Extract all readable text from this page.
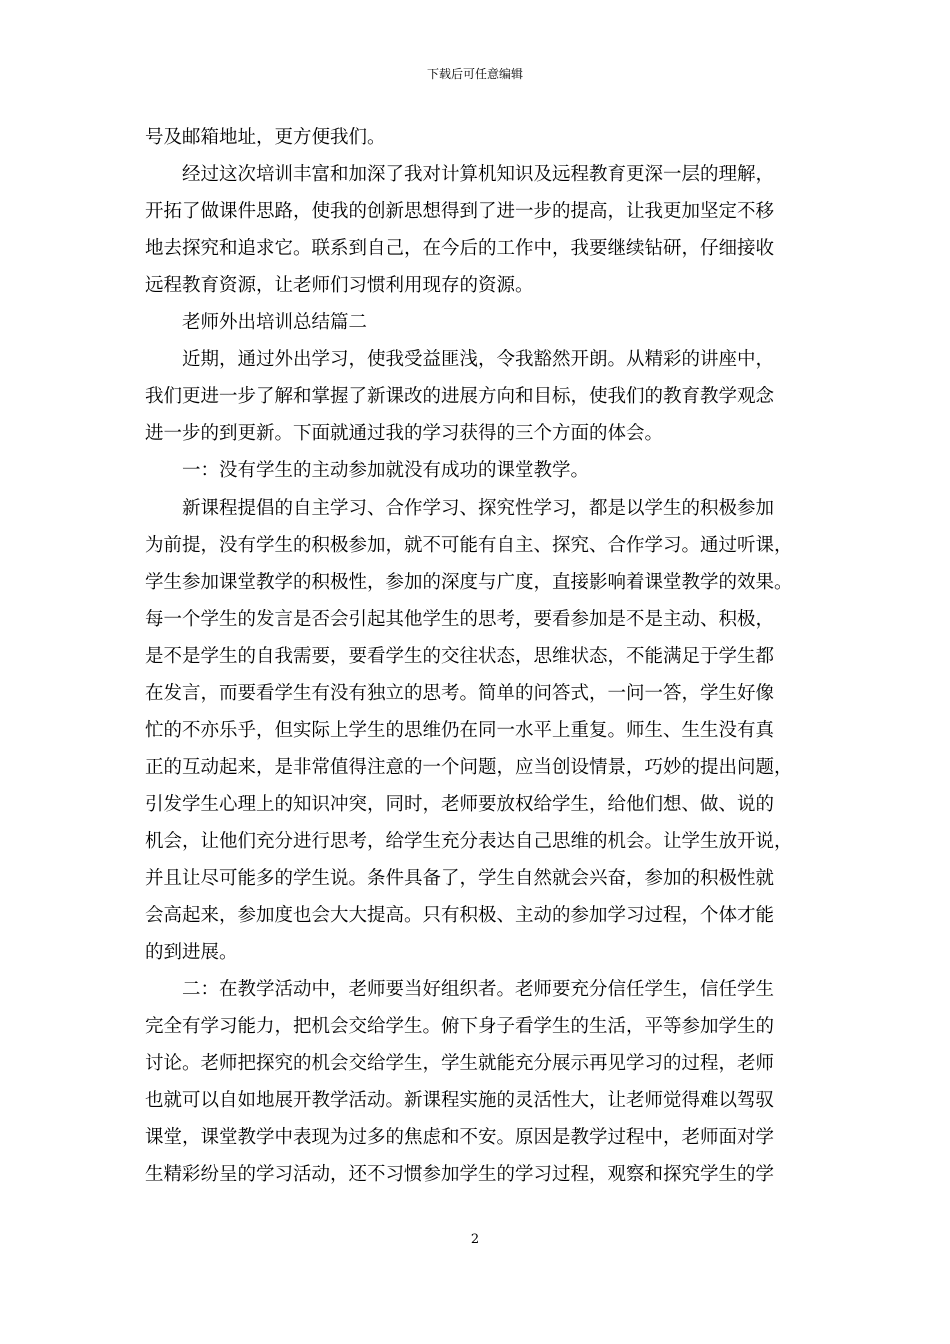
下载后可任意编辑
号及邮箱地址，更方便我们。
经过这次培训丰富和加深了我对计算机知识及远程教育更深一层的理解，
开拓了做课件思路，使我的创新思想得到了进一步的提高，让我更加坚定不移
地去探究和追求它。联系到自己，在今后的工作中，我要继续钻研，仔细接收
远程教育资源，让老师们习惯利用现存的资源。
老师外出培训总结篇二
近期，通过外出学习，使我受益匪浅，令我豁然开朗。从精彩的讲座中，
我们更进一步了解和掌握了新课改的进展方向和目标，使我们的教育教学观念
进一步的到更新。下面就通过我的学习获得的三个方面的体会。
一：没有学生的主动参加就没有成功的课堂教学。
新课程提倡的自主学习、合作学习、探究性学习，都是以学生的积极参加
为前提，没有学生的积极参加，就不可能有自主、探究、合作学习。通过听课，
学生参加课堂教学的积极性，参加的深度与广度，直接影响着课堂教学的效果。
每一个学生的发言是否会引起其他学生的思考，要看参加是不是主动、积极，
是不是学生的自我需要，要看学生的交往状态，思维状态，不能满足于学生都
在发言，而要看学生有没有独立的思考。简单的问答式，一问一答，学生好像
忙的不亦乐乎，但实际上学生的思维仍在同一水平上重复。师生、生生没有真
正的互动起来，是非常值得注意的一个问题，应当创设情景，巧妙的提出问题，
引发学生心理上的知识冲突，同时，老师要放权给学生，给他们想、做、说的
机会，让他们充分进行思考，给学生充分表达自己思维的机会。让学生放开说，
并且让尽可能多的学生说。条件具备了，学生自然就会兴奋，参加的积极性就
会高起来，参加度也会大大提高。只有积极、主动的参加学习过程，个体才能
的到进展。
二：在教学活动中，老师要当好组织者。老师要充分信任学生，信任学生
完全有学习能力，把机会交给学生。俯下身子看学生的生活，平等参加学生的
讨论。老师把探究的机会交给学生，学生就能充分展示再见学习的过程，老师
也就可以自如地展开教学活动。新课程实施的灵活性大，让老师觉得难以驾驭
课堂，课堂教学中表现为过多的焦虑和不安。原因是教学过程中，老师面对学
生精彩纷呈的学习活动，还不习惯参加学生的学习过程，观察和探究学生的学
2
